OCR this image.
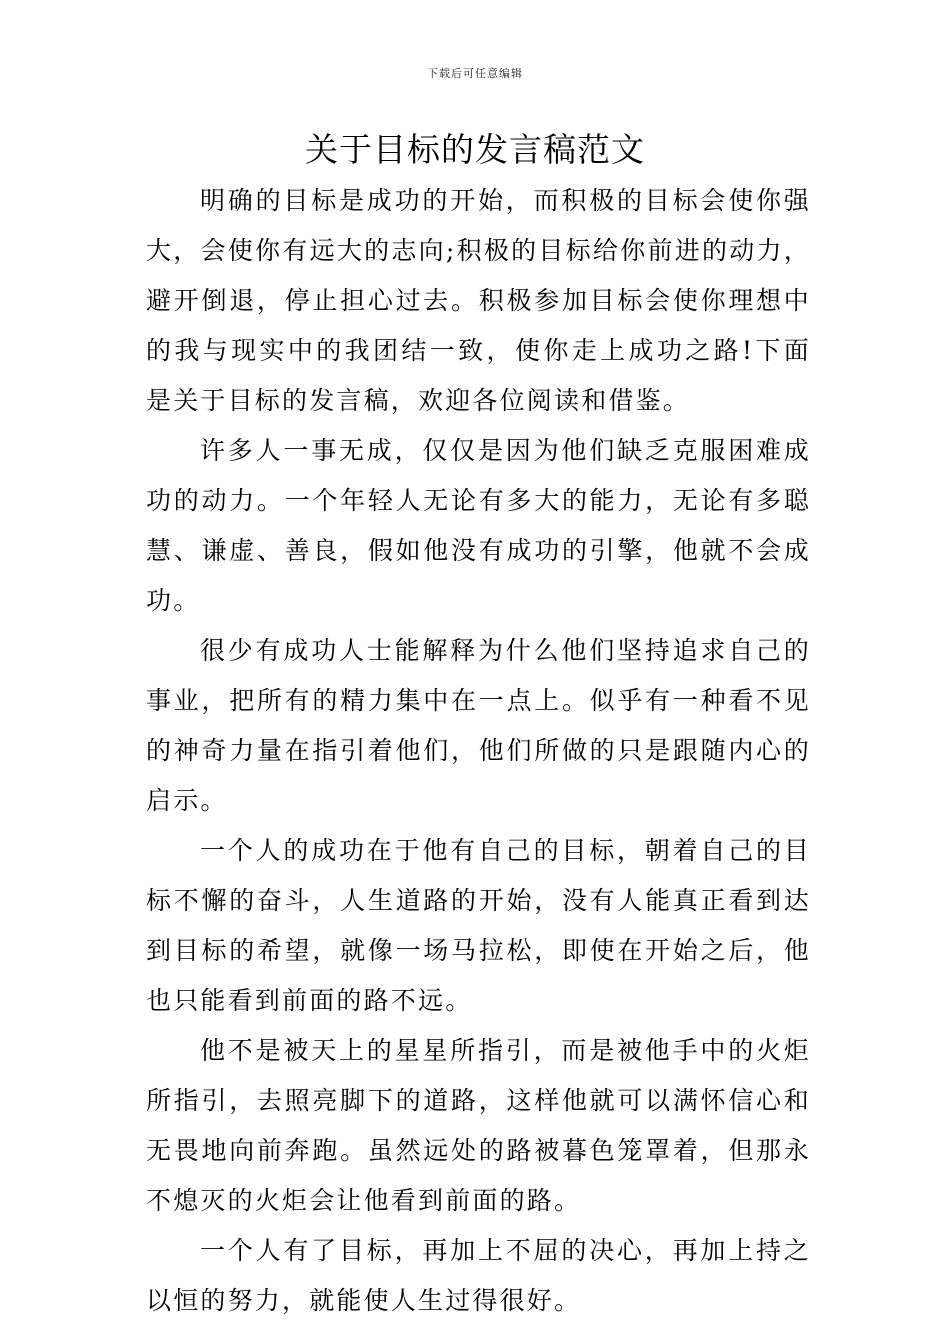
下载后可任意编辑
关于目标的发言稿范文

明确的目标是成功的开始，而积极的目标会使你强大，会使你有远大的志向;积极的目标给你前进的动力，避开倒退，停止担心过去。积极参加目标会使你理想中的我与现实中的我团结一致，使你走上成功之路!下面是关于目标的发言稿，欢迎各位阅读和借鉴。

许多人一事无成，仅仅是因为他们缺乏克服困难成功的动力。一个年轻人无论有多大的能力，无论有多聪慧、谦虚、善良，假如他没有成功的引擎，他就不会成功。

很少有成功人士能解释为什么他们坚持追求自己的事业，把所有的精力集中在一点上。似乎有一种看不见的神奇力量在指引着他们，他们所做的只是跟随内心的启示。

一个人的成功在于他有自己的目标，朝着自己的目标不懈的奋斗，人生道路的开始，没有人能真正看到达到目标的希望，就像一场马拉松，即使在开始之后，他也只能看到前面的路不远。

他不是被天上的星星所指引，而是被他手中的火炬所指引，去照亮脚下的道路，这样他就可以满怀信心和无畏地向前奔跑。虽然远处的路被暮色笼罩着，但那永不熄灭的火炬会让他看到前面的路。

一个人有了目标，再加上不屈的决心，再加上持之以恒的努力，就能使人生过得很好。
